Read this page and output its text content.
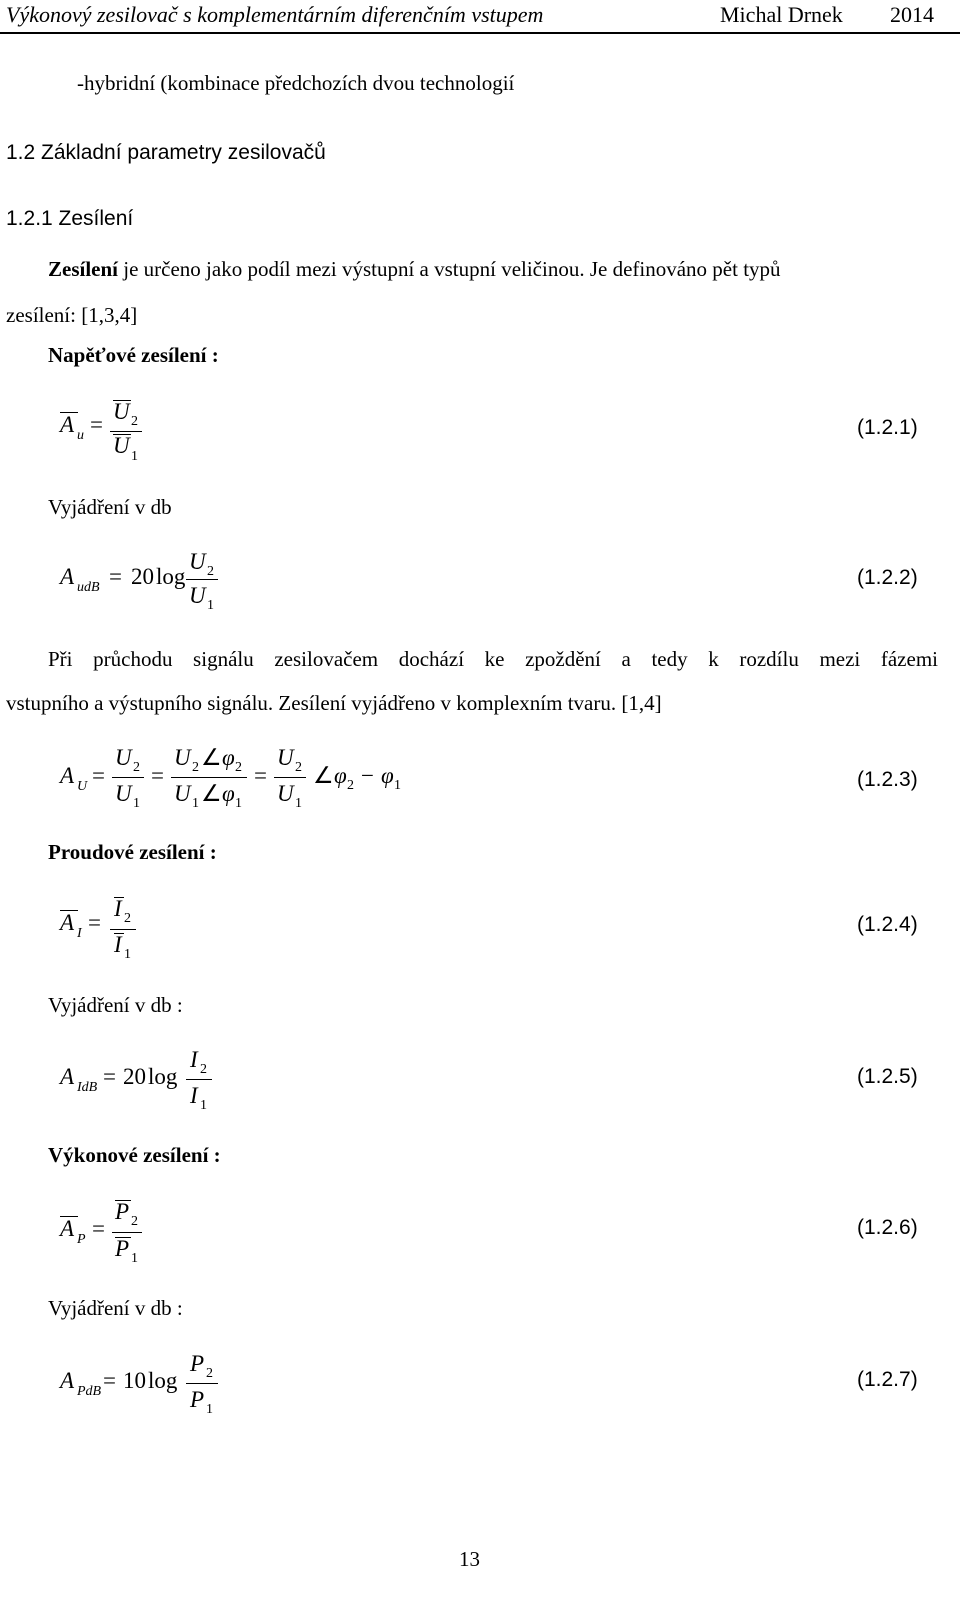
Výkonový zesilovač s komplementárním diferenčním vstupem	Michal Drnek 2014
-hybridní (kombinace předchozích dvou technologií
1.2 Základní parametry zesilovačů
1.2.1 Zesílení
Zesílení je určeno jako podíl mezi výstupní a vstupní veličinou. Je definováno pět typů
zesílení: [1,3,4]
Napěťové zesílení :
A u =
U 2
U 1
(1.2.1)
Vyjádření v db
A udB = 20 log
U 2
U 1
(1.2.2)
Při průchodu signálu zesilovačem dochází ke zpoždění a tedy k rozdílu mezi fázemi
vstupního a výstupního signálu. Zesílení vyjádřeno v komplexním tvaru. [1,4]
A U =
U 2
U 1
=
U 2 ∠ φ 2
U 1 ∠ φ 1
=
U 2
U 1
∠ φ 2 − φ 1	(1.2.3)
Proudové zesílení :
A I =
I 2
I 1
(1.2.4)
Vyjádření v db :
A IdB = 20 log
I 2
I 1
(1.2.5)
Výkonové zesílení :
A P =
P 2
P 1
(1.2.6)
Vyjádření v db :
A PdB = 10 log
P 2
P 1
(1.2.7)
13
